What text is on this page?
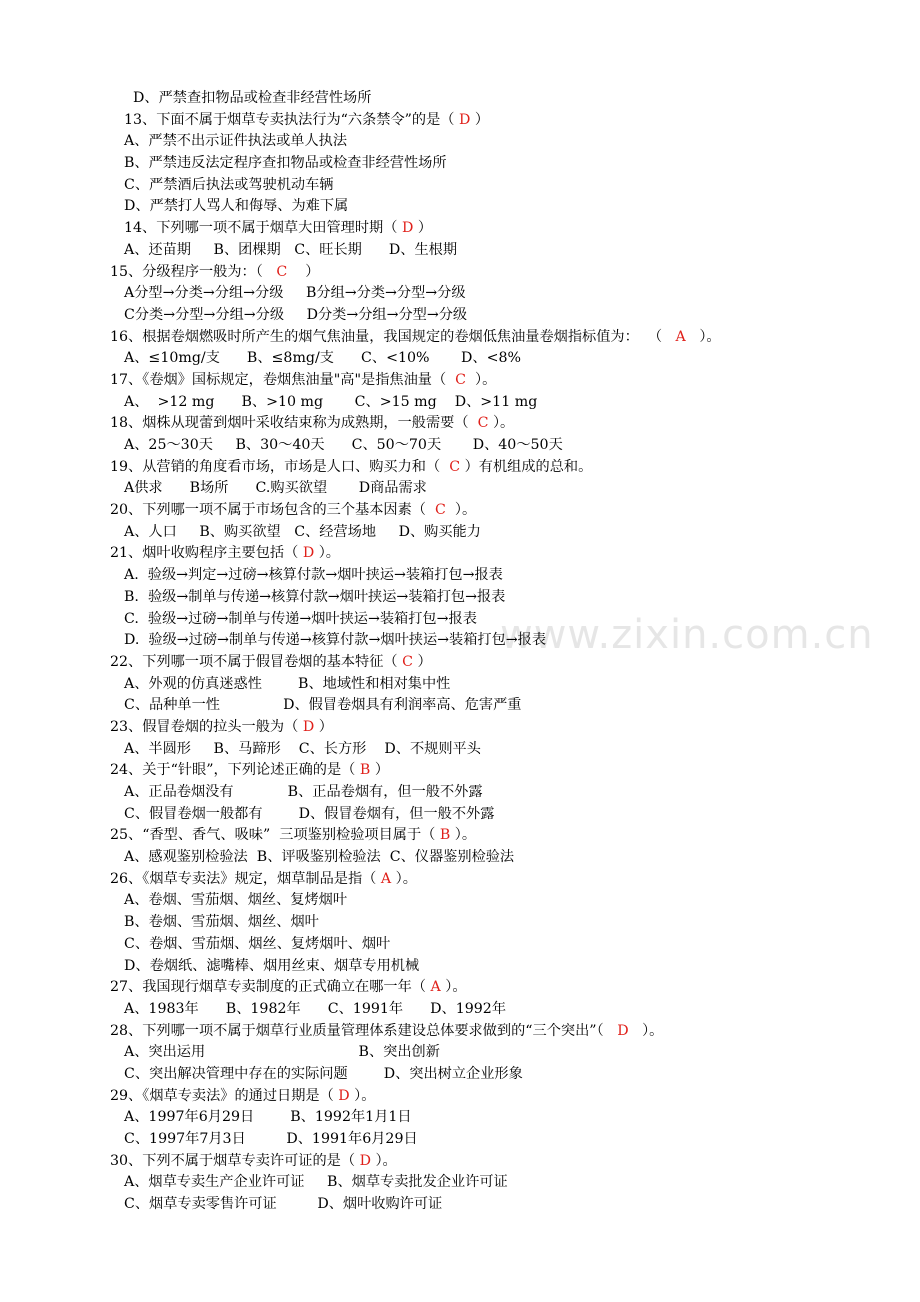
www.zixin.com.cn
D、严禁查扣物品或检查非经营性场所
13、下面不属于烟草专卖执法行为“六条禁令”的是（ D ）
A、严禁不出示证件执法或单人执法
B、严禁违反法定程序查扣物品或检查非经营性场所
C、严禁酒后执法或驾驶机动车辆
D、严禁打人骂人和侮辱、为难下属
14、下列哪一项不属于烟草大田管理时期（ D ）
A、还苗期     B、团棵期   C、旺长期      D、生根期
15、分级程序一般为：（   C    ）
A分型→分类→分组→分级     B分组→分类→分型→分级
C分类→分型→分组→分级     D分类→分组→分型→分级
16、根据卷烟燃吸时所产生的烟气焦油量，我国规定的卷烟低焦油量卷烟指标值为：  （   A   ）。
A、≤10mg/支      B、≤8mg/支      C、<10%       D、<8%
17、《卷烟》国标规定，卷烟焦油量"高"是指焦油量（  C  ）。
A、  >12 mg      B、>10 mg       C、>15 mg    D、>11 mg
18、烟株从现蕾到烟叶采收结束称为成熟期，一般需要（  C ）。
A、25～30天     B、30～40天      C、50～70天       D、40～50天
19、从营销的角度看市场，市场是人口、购买力和（  C ）有机组成的总和。
A供求      B场所      C.购买欲望       D商品需求
20、下列哪一项不属于市场包含的三个基本因素（  C  ）。
A、人口     B、购买欲望   C、经营场地     D、购买能力
21、烟叶收购程序主要包括（ D ）。
A.  验级→判定→过磅→核算付款→烟叶挟运→装箱打包→报表
B.  验级→制单与传递→核算付款→烟叶挟运→装箱打包→报表
C.  验级→过磅→制单与传递→烟叶挟运→装箱打包→报表
D.  验级→过磅→制单与传递→核算付款→烟叶挟运→装箱打包→报表
22、下列哪一项不属于假冒卷烟的基本特征（ C ）
A、外观的仿真迷惑性        B、地域性和相对集中性
C、品种单一性              D、假冒卷烟具有利润率高、危害严重
23、假冒卷烟的拉头一般为（ D ）
A、半圆形     B、马蹄形    C、长方形    D、不规则平头
24、关于“针眼”，下列论述正确的是（ B ）
A、正品卷烟没有            B、正品卷烟有，但一般不外露
C、假冒卷烟一般都有        D、假冒卷烟有，但一般不外露
25、“香型、香气、吸味”  三项鉴别检验项目属于（ B ）。
A、感观鉴别检验法  B、评吸鉴别检验法  C、仪器鉴别检验法
26、《烟草专卖法》规定，烟草制品是指（ A ）。
A、卷烟、雪茄烟、烟丝、复烤烟叶
B、卷烟、雪茄烟、烟丝、烟叶
C、卷烟、雪茄烟、烟丝、复烤烟叶、烟叶
D、卷烟纸、滤嘴棒、烟用丝束、烟草专用机械
27、我国现行烟草专卖制度的正式确立在哪一年（ A ）。
A、1983年      B、1982年      C、1991年      D、1992年
28、下列哪一项不属于烟草行业质量管理体系建设总体要求做到的“三个突出”（   D   ）。
A、突出运用                                  B、突出创新
C、突出解决管理中存在的实际问题        D、突出树立企业形象
29、《烟草专卖法》的通过日期是（ D ）。
A、1997年6月29日        B、1992年1月1日
C、1997年7月3日         D、1991年6月29日
30、下列不属于烟草专卖许可证的是（ D ）。
A、烟草专卖生产企业许可证     B、烟草专卖批发企业许可证
C、烟草专卖零售许可证         D、烟叶收购许可证
